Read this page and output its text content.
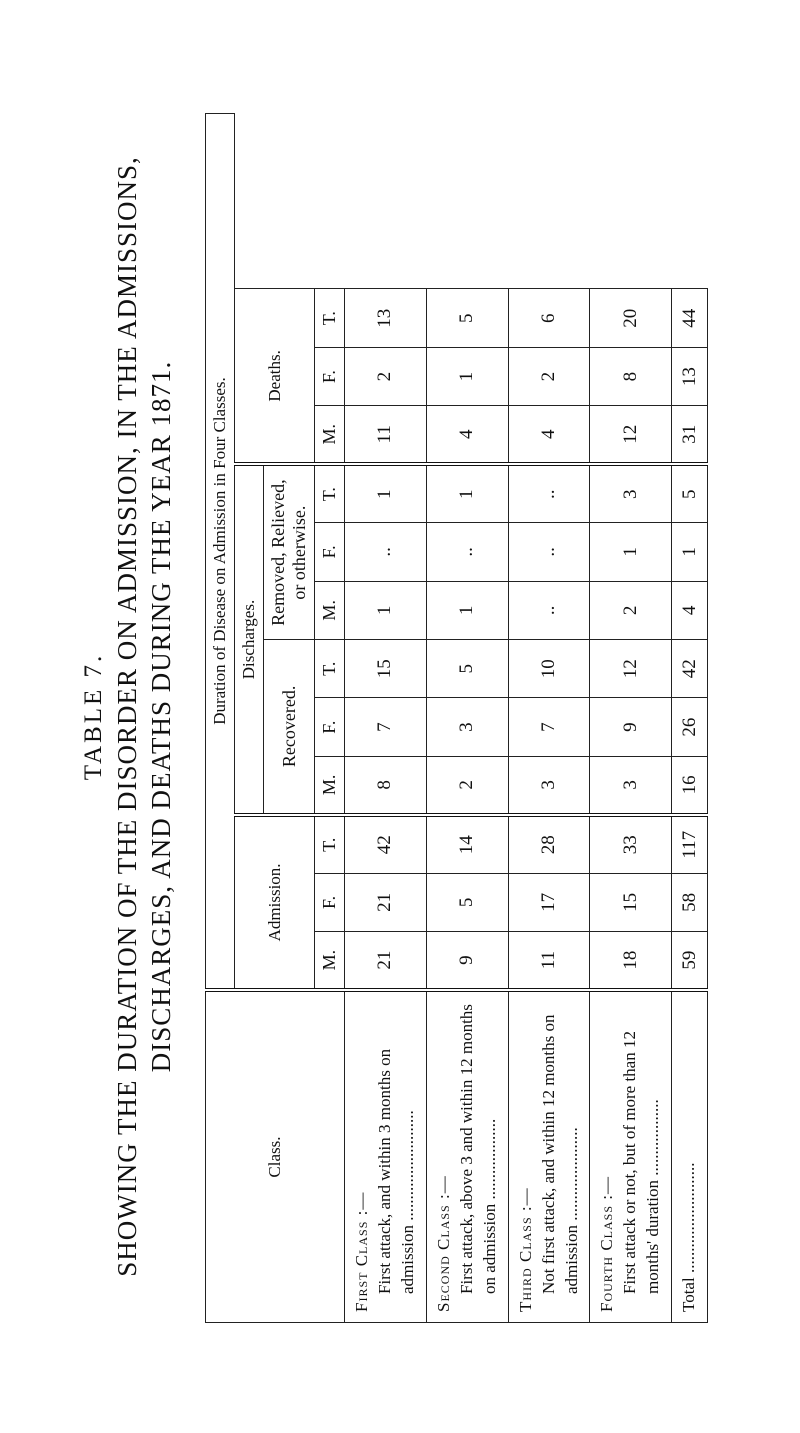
TABLE 7. SHOWING THE DURATION OF THE DISORDER ON ADMISSION, IN THE ADMISSIONS, DISCHARGES, AND DEATHS DURING THE YEAR 1871.
Class.	Duration of Disease on Admission in Four Classes.											
	Admission.			Discharges.						Deaths.		
				Recovered.			Removed, Relieved, or otherwise.					
	M.	F.	T.	M.	F.	T.	M.	F.	T.	M.	F.	T.

First Class :— First attack, and within 3 months on admission ..........................	21	21	42	8	7	15	1	..	1	11	2	13

Second Class :— First attack, above 3 and within 12 months on admission ...................	9	5	14	2	3	5	1	..	1	4	1	5

Third Class :— Not first attack, and within 12 months on admission ......................	11	17	28	3	7	10	..	..	..	4	2	6

Fourth Class :— First attack or not, but of more than 12 months' duration ..................	18	15	33	3	9	12	2	1	3	12	8	20
Total ..........................	59	58	117	16	26	42	4	1	5	31	13	44
